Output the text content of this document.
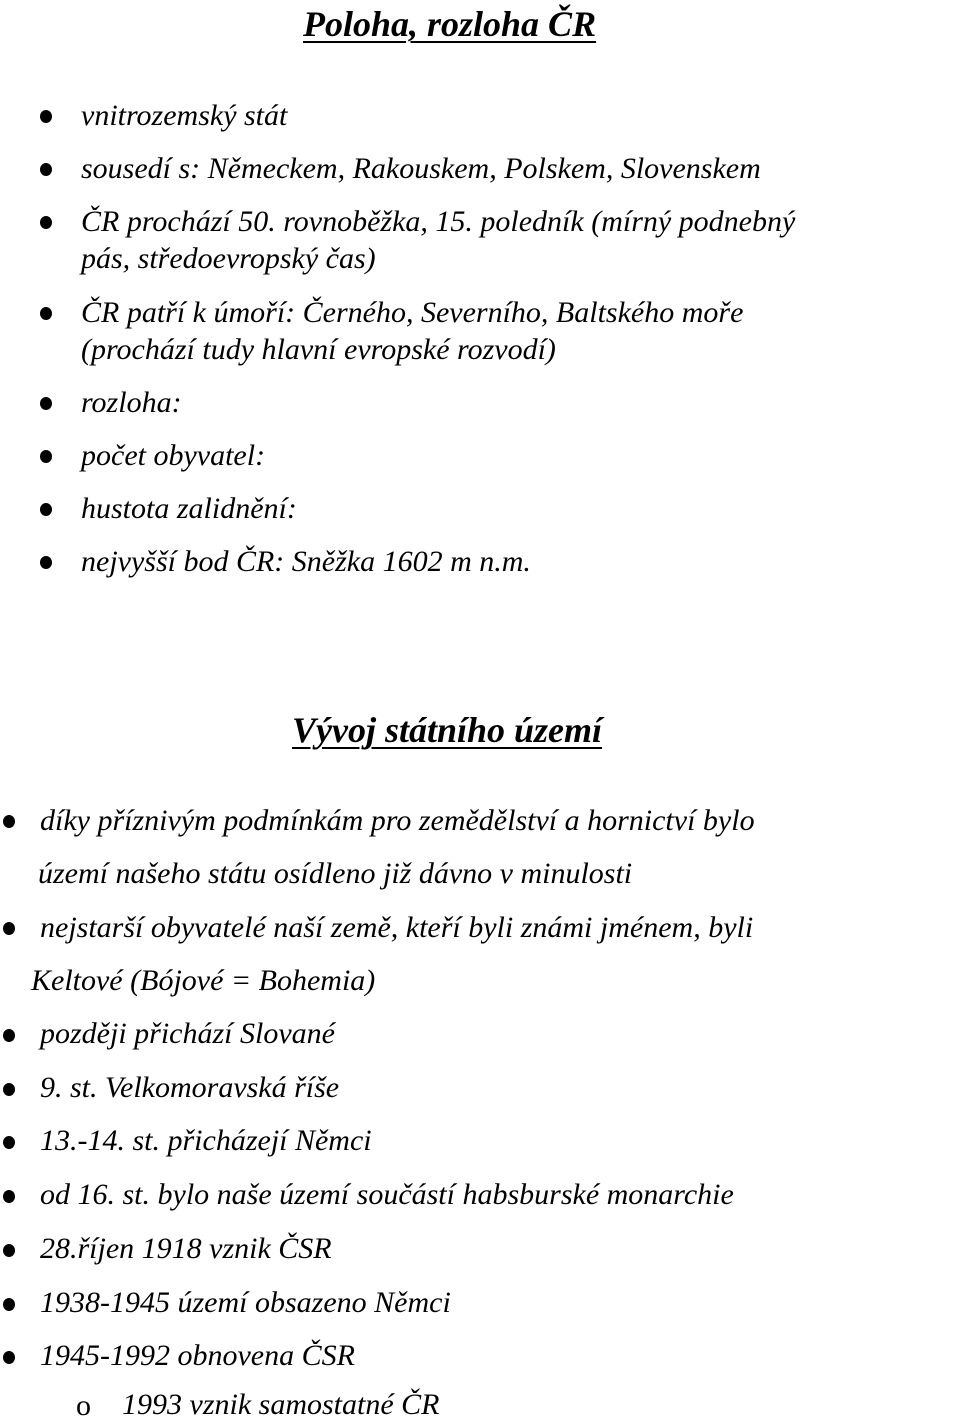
Poloha, rozloha ČR
vnitrozemský stát
sousedí s: Německem, Rakouskem, Polskem, Slovenskem
ČR prochází 50. rovnoběžka, 15. poledník (mírný podnebný
pás, středoevropský čas)
ČR patří k úmoří: Černého, Severního, Baltského moře
(prochází tudy hlavní evropské rozvodí)
rozloha:
počet obyvatel:
hustota zalidnění:
nejvyšší bod ČR: Sněžka 1602 m n.m.
Vývoj státního území
díky příznivým podmínkám pro zemědělství a hornictví bylo
území našeho státu osídleno již dávno v minulosti
nejstarší obyvatelé naší země, kteří byli známi jménem, byli
Keltové (Bójové = Bohemia)
později přichází Slované
9. st. Velkomoravská říše
13.-14. st. přicházejí Němci
od 16. st. bylo naše území součástí habsburské monarchie
28.říjen 1918 vznik ČSR
1938-1945 území obsazeno Němci
1945-1992 obnovena ČSR
o 1993 vznik samostatné ČR
